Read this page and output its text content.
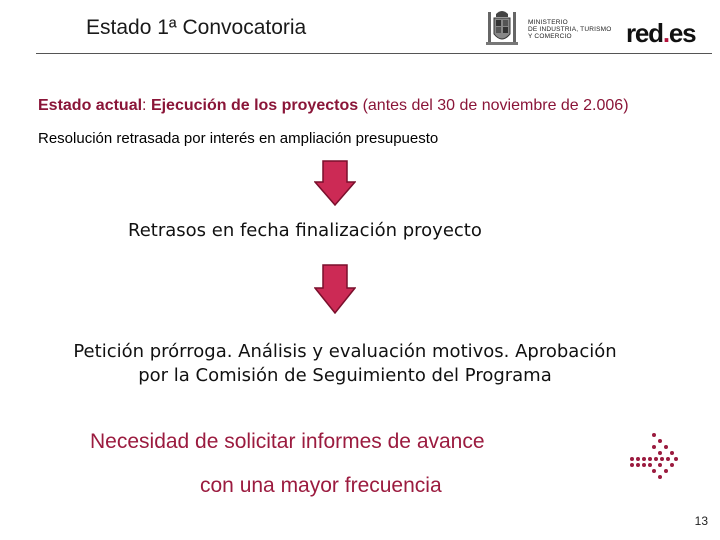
Estado 1ª Convocatoria	MINISTERIO
DE INDUSTRIA, TURISMO
Y COMERCIO	red.es
Estado actual: Ejecución de los proyectos (antes del 30 de noviembre de 2.006)
Resolución retrasada por interés en ampliación presupuesto
Retrasos en fecha finalización proyecto
Petición prórroga. Análisis y evaluación motivos. Aprobación
por la Comisión de Seguimiento del Programa
Necesidad de solicitar informes de avance
con una mayor frecuencia
13
